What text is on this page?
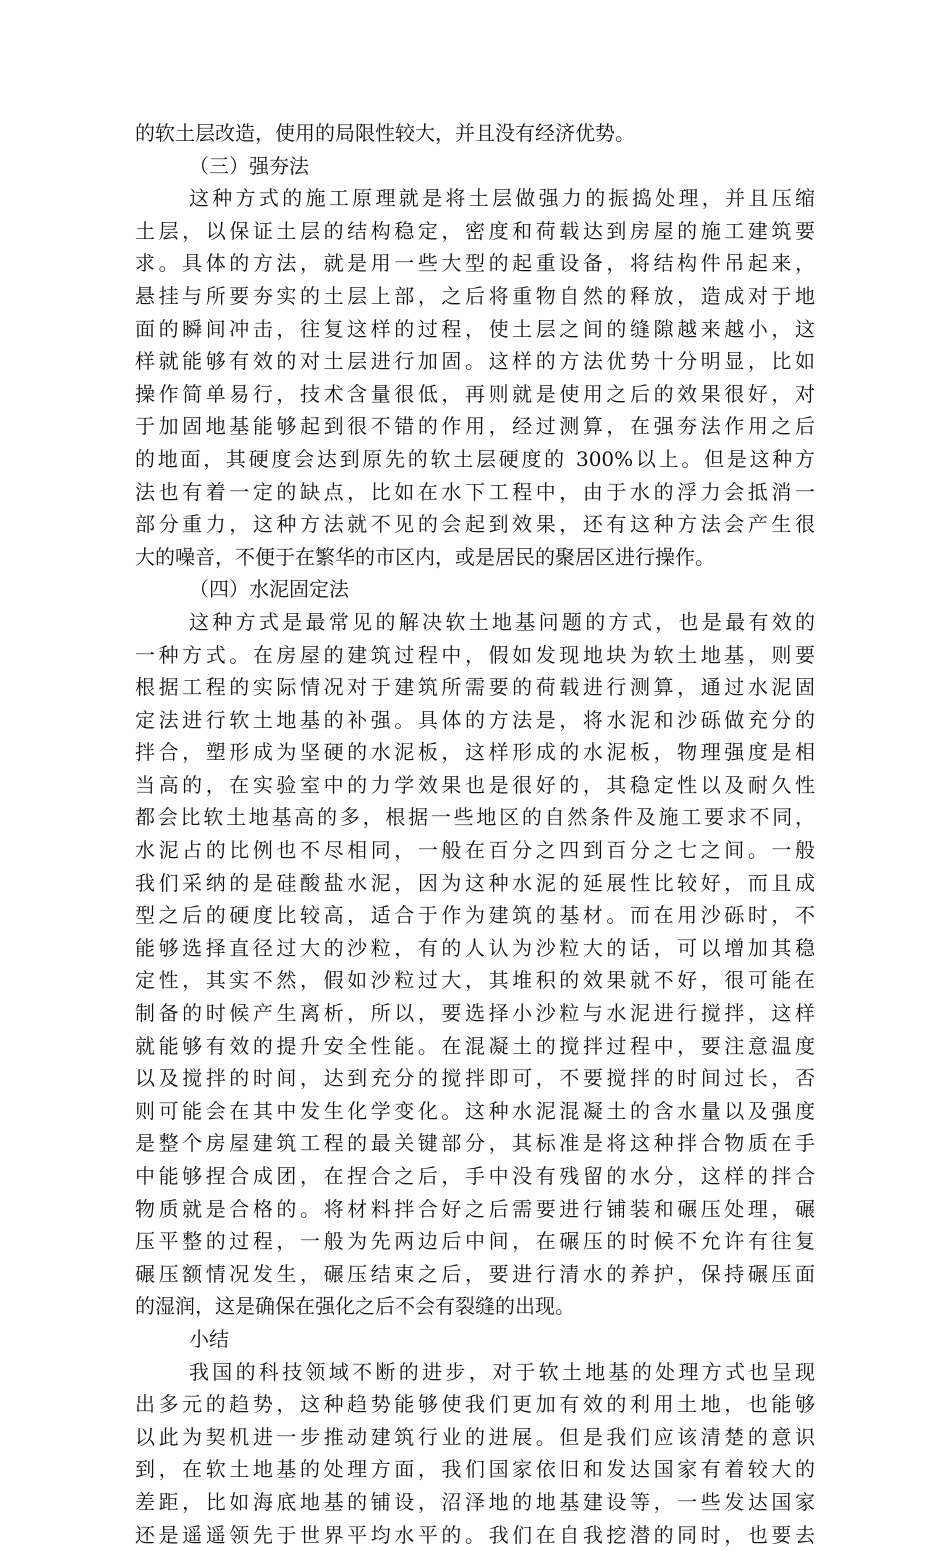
的软土层改造，使用的局限性较大，并且没有经济优势。
（三）强夯法
这种方式的施工原理就是将土层做强力的振捣处理，并且压缩
土层，以保证土层的结构稳定，密度和荷载达到房屋的施工建筑要
求。具体的方法，就是用一些大型的起重设备，将结构件吊起来，
悬挂与所要夯实的土层上部，之后将重物自然的释放，造成对于地
面的瞬间冲击，往复这样的过程，使土层之间的缝隙越来越小，这
样就能够有效的对土层进行加固。这样的方法优势十分明显，比如
操作简单易行，技术含量很低，再则就是使用之后的效果很好，对
于加固地基能够起到很不错的作用，经过测算，在强夯法作用之后
的地面，其硬度会达到原先的软土层硬度的 300%以上。但是这种方
法也有着一定的缺点，比如在水下工程中，由于水的浮力会抵消一
部分重力，这种方法就不见的会起到效果，还有这种方法会产生很
大的噪音，不便于在繁华的市区内，或是居民的聚居区进行操作。
（四）水泥固定法
这种方式是最常见的解决软土地基问题的方式，也是最有效的
一种方式。在房屋的建筑过程中，假如发现地块为软土地基，则要
根据工程的实际情况对于建筑所需要的荷载进行测算，通过水泥固
定法进行软土地基的补强。具体的方法是，将水泥和沙砾做充分的
拌合，塑形成为坚硬的水泥板，这样形成的水泥板，物理强度是相
当高的，在实验室中的力学效果也是很好的，其稳定性以及耐久性
都会比软土地基高的多，根据一些地区的自然条件及施工要求不同，
水泥占的比例也不尽相同，一般在百分之四到百分之七之间。一般
我们采纳的是硅酸盐水泥，因为这种水泥的延展性比较好，而且成
型之后的硬度比较高，适合于作为建筑的基材。而在用沙砾时，不
能够选择直径过大的沙粒，有的人认为沙粒大的话，可以增加其稳
定性，其实不然，假如沙粒过大，其堆积的效果就不好，很可能在
制备的时候产生离析，所以，要选择小沙粒与水泥进行搅拌，这样
就能够有效的提升安全性能。在混凝土的搅拌过程中，要注意温度
以及搅拌的时间，达到充分的搅拌即可，不要搅拌的时间过长，否
则可能会在其中发生化学变化。这种水泥混凝土的含水量以及强度
是整个房屋建筑工程的最关键部分，其标准是将这种拌合物质在手
中能够捏合成团，在捏合之后，手中没有残留的水分，这样的拌合
物质就是合格的。将材料拌合好之后需要进行铺装和碾压处理，碾
压平整的过程，一般为先两边后中间，在碾压的时候不允许有往复
碾压额情况发生，碾压结束之后，要进行清水的养护，保持碾压面
的湿润，这是确保在强化之后不会有裂缝的出现。
小结
我国的科技领域不断的进步，对于软土地基的处理方式也呈现
出多元的趋势，这种趋势能够使我们更加有效的利用土地，也能够
以此为契机进一步推动建筑行业的进展。但是我们应该清楚的意识
到，在软土地基的处理方面，我们国家依旧和发达国家有着较大的
差距，比如海底地基的铺设，沼泽地的地基建设等，一些发达国家
还是遥遥领先于世界平均水平的。我们在自我挖潜的同时，也要去
